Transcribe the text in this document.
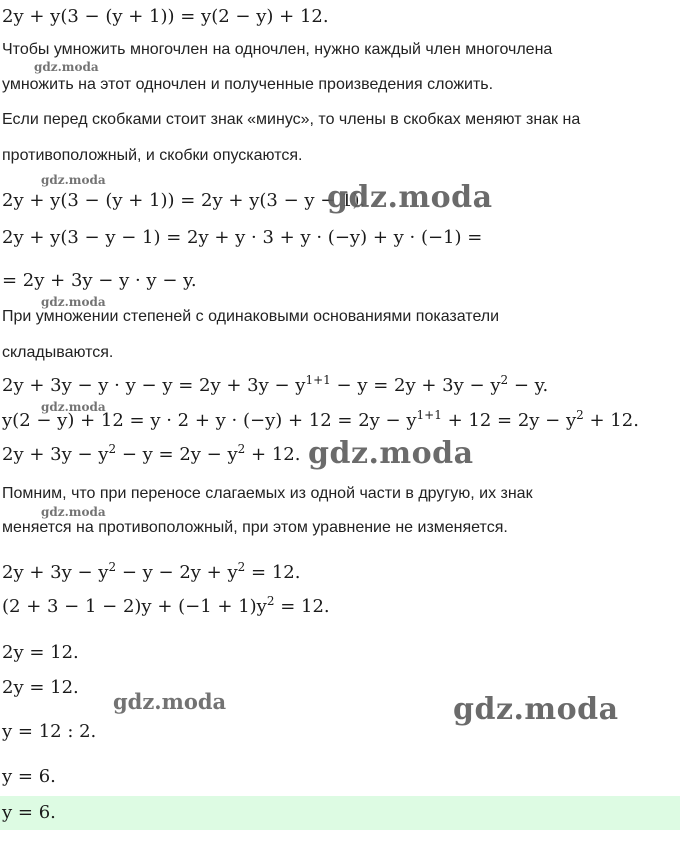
2y + y(3 − (y + 1)) = y(2 − y) + 12.
Чтобы умножить многочлен на одночлен, нужно каждый член многочлена
умножить на этот одночлен и полученные произведения сложить.
Если перед скобками стоит знак «минус», то члены в скобках меняют знак на
противоположный, и скобки опускаются.
2y + y(3 − (y + 1)) = 2y + y(3 − y − 1).
2y + y(3 − y − 1) = 2y + y · 3 + y · (−y) + y · (−1) =
= 2y + 3y − y · y − y.
При умножении степеней с одинаковыми основаниями показатели
складываются.
$2y + 3y - y \cdot y - y = 2y + 3y - y^{1+1} - y = 2y + 3y - y^2 - y$.
$y(2 - y) + 12 = y \cdot 2 + y \cdot (-y) + 12 = 2y - y^{1+1} + 12 = 2y - y^2 + 12$.
$2y + 3y - y^2 - y = 2y - y^2 + 12$.
Помним, что при переносе слагаемых из одной части в другую, их знак
меняется на противоположный, при этом уравнение не изменяется.
$2y + 3y - y^2 - y - 2y + y^2 = 12$.
$(2 + 3 - 1 - 2)y + (-1 + 1)y^2 = 12$.
2y = 12.
2y = 12.
y = 12 : 2.
y = 6.
y = 6.
gdz.moda
gdz.moda	gdz.moda
gdz.moda
gdz.moda
gdz.moda
gdz.moda
gdz.moda	gdz.moda
